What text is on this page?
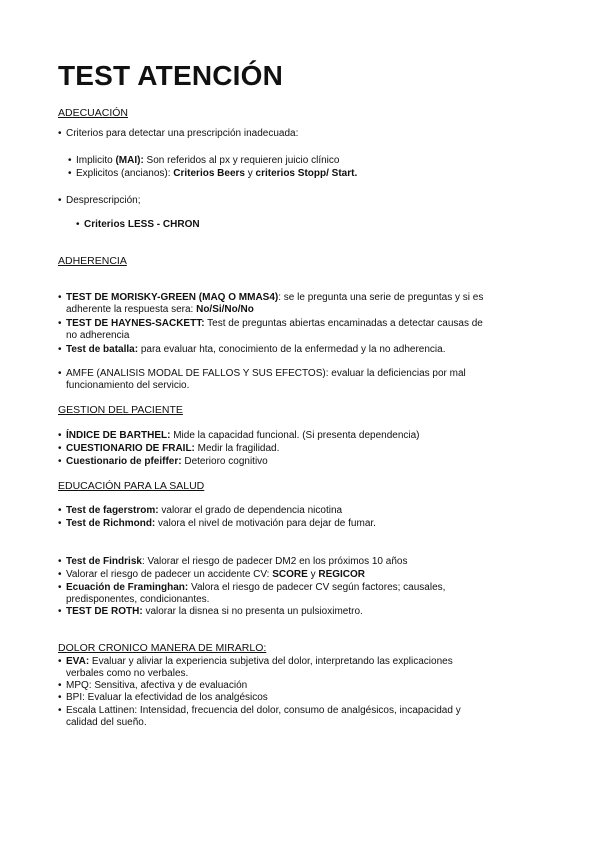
TEST ATENCIÓN
ADECUACIÓN
• Criterios para detectar una prescripción inadecuada:
• Implicito (MAI): Son referidos al px y requieren juicio clínico
• Explicitos (ancianos): Criterios Beers y criterios Stopp/ Start.
• Desprescripción;
• Criterios LESS - CHRON
ADHERENCIA
• TEST DE MORISKY-GREEN (MAQ O MMAS4): se le pregunta una serie de preguntas y si es
adherente la respuesta sera: No/Si/No/No
• TEST DE HAYNES-SACKETT: Test de preguntas abiertas encaminadas a detectar causas de
no adherencia
• Test de batalla: para evaluar hta, conocimiento de la enfermedad y la no adherencia.
• AMFE (ANALISIS MODAL DE FALLOS Y SUS EFECTOS): evaluar la deficiencias por mal
funcionamiento del servicio.
GESTION DEL PACIENTE
• ÍNDICE DE BARTHEL: Mide la capacidad funcional. (Si presenta dependencia)
• CUESTIONARIO DE FRAIL: Medir la fragilidad.
• Cuestionario de pfeiffer: Deterioro cognitivo
EDUCACIÓN PARA LA SALUD
• Test de fagerstrom: valorar el grado de dependencia nicotina
• Test de Richmond: valora el nivel de motivación para dejar de fumar.
• Test de Findrisk: Valorar el riesgo de padecer DM2 en los próximos 10 años
• Valorar el riesgo de padecer un accidente CV: SCORE y REGICOR
• Ecuación de Framinghan: Valora el riesgo de padecer CV según factores; causales,
predisponentes, condicionantes.
• TEST DE ROTH: valorar la disnea si no presenta un pulsioximetro.
DOLOR CRONICO MANERA DE MIRARLO:
• EVA: Evaluar y aliviar la experiencia subjetiva del dolor, interpretando las explicaciones
verbales como no verbales.
• MPQ: Sensitiva, afectiva y de evaluación
• BPI: Evaluar la efectividad de los analgésicos
• Escala Lattinen: Intensidad, frecuencia del dolor, consumo de analgésicos, incapacidad y
calidad del sueño.
